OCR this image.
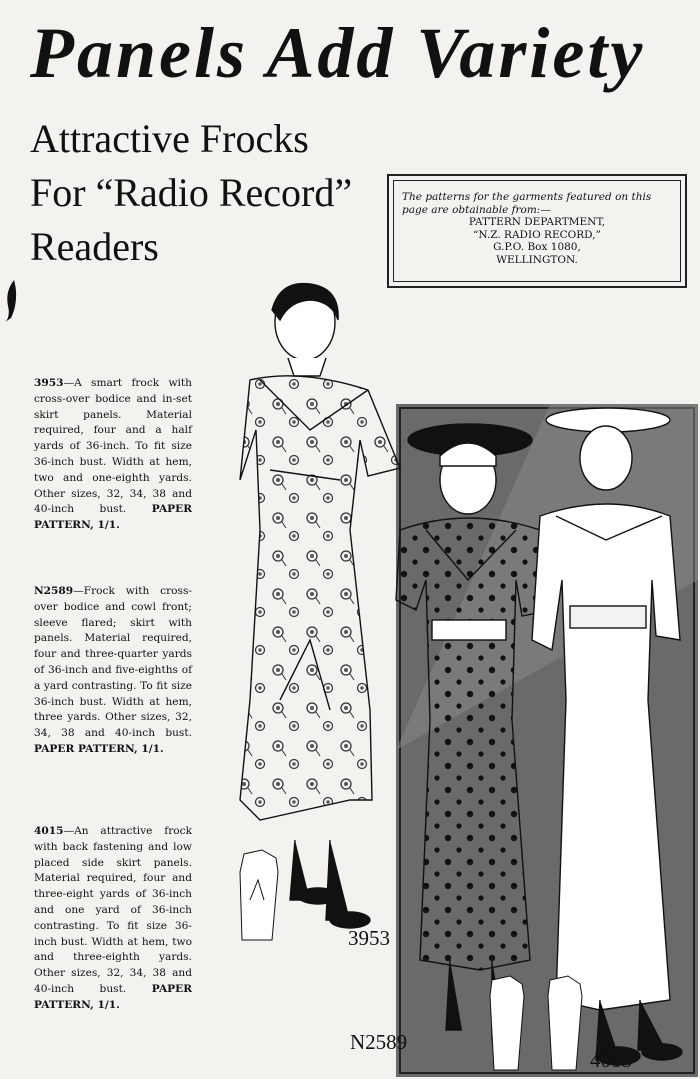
Panels Add Variety
Attractive Frocks
For “Radio Record”
Readers
The patterns for the garments featured on this page are obtainable from:—
PATTERN DEPARTMENT,
“N.Z. RADIO RECORD,”
G.P.O. Box 1080,
WELLINGTON.
3953—A smart frock with cross-over bodice and in-set skirt panels. Material required, four and a half yards of 36-inch. To fit size 36-inch bust. Width at hem, two and one-eighth yards. Other sizes, 32, 34, 38 and 40-inch bust. PAPER PATTERN, 1/1.
N2589—Frock with cross-over bodice and cowl front; sleeve flared; skirt with panels. Material required, four and three-quarter yards of 36-inch and five-eighths of a yard contrasting. To fit size 36-inch bust. Width at hem, three yards. Other sizes, 32, 34, 38 and 40-inch bust. PAPER PATTERN, 1/1.
4015—An attractive frock with back fastening and low placed side skirt panels. Material required, four and three-eight yards of 36-inch and one yard of 36-inch contrasting. To fit size 36-inch bust. Width at hem, two and three-eighth yards. Other sizes, 32, 34, 38 and 40-inch bust. PAPER PATTERN, 1/1.
3953
N2589
4015
